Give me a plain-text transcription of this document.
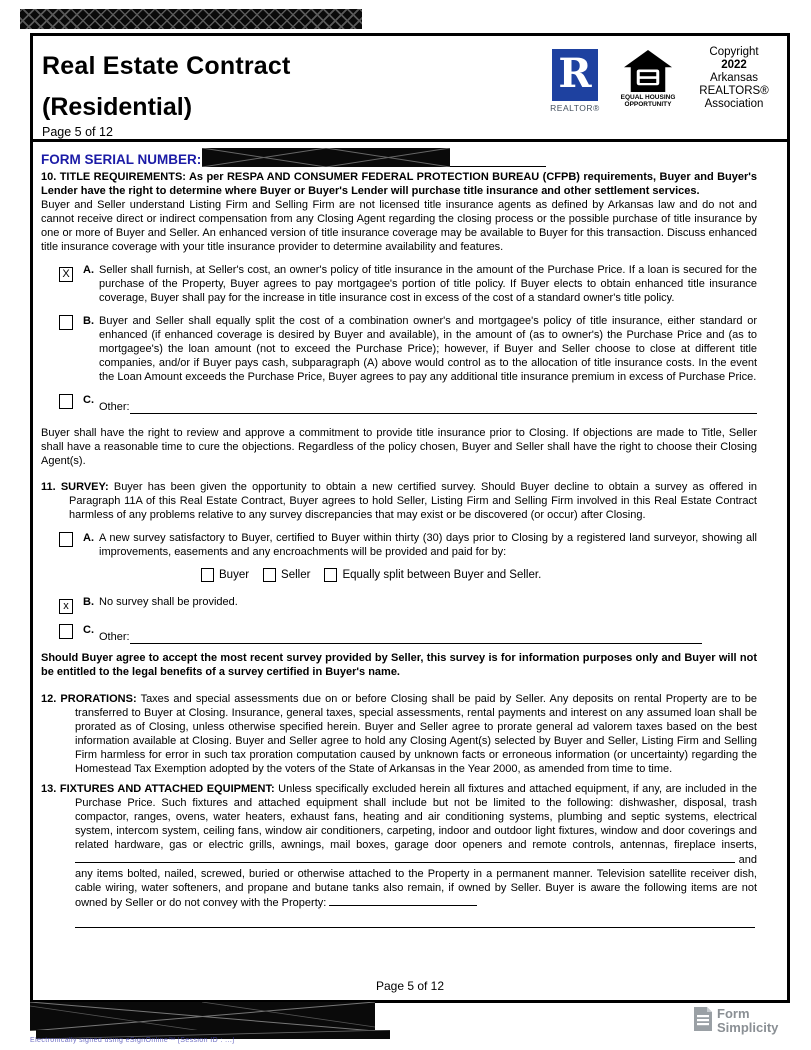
Real Estate Contract
(Residential)
Page 5 of 12
R
REALTOR®
EQUAL HOUSING
OPPORTUNITY
Copyright
2022
Arkansas
REALTORS®
Association
FORM SERIAL NUMBER:

10. TITLE REQUIREMENTS: As per RESPA AND CONSUMER FEDERAL PROTECTION BUREAU (CFPB) requirements, Buyer and Buyer's Lender have the right to determine where Buyer or Buyer's Lender will purchase title insurance and other settlement services.

Buyer and Seller understand Listing Firm and Selling Firm are not licensed title insurance agents as defined by Arkansas law and do not and cannot receive direct or indirect compensation from any Closing Agent regarding the closing process or the possible purchase of title insurance by one or more of Buyer and Seller. An enhanced version of title insurance coverage may be available to Buyer for this transaction. Discuss enhanced title insurance coverage with your title insurance provider to determine availability and features.

X	A. Seller shall furnish, at Seller's cost, an owner's policy of title insurance in the amount of the Purchase Price. If a loan is secured for the purchase of the Property, Buyer agrees to pay mortgagee's portion of title policy. If Buyer elects to obtain enhanced title insurance coverage, Buyer shall pay for the increase in title insurance cost in excess of the cost of a standard owner's title policy.
B. Buyer and Seller shall equally split the cost of a combination owner's and mortgagee's policy of title insurance, either standard or enhanced (if enhanced coverage is desired by Buyer and available), in the amount of (as to owner's) the Purchase Price and (as to mortgagee's) the loan amount (not to exceed the Purchase Price); however, if Buyer and Seller choose to close at different title companies, and/or if Buyer pays cash, subparagraph (A) above would control as to the allocation of title insurance costs. In the event the Loan Amount exceeds the Purchase Price, Buyer agrees to pay any additional title insurance premium in excess of Purchase Price.
C.
Other:

Buyer shall have the right to review and approve a commitment to provide title insurance prior to Closing. If objections are made to Title, Seller shall have a reasonable time to cure the objections. Regardless of the policy chosen, Buyer and Seller shall have the right to choose their Closing Agent(s).

11. SURVEY: Buyer has been given the opportunity to obtain a new certified survey. Should Buyer decline to obtain a survey as offered in Paragraph 11A of this Real Estate Contract, Buyer agrees to hold Seller, Listing Firm and Selling Firm involved in this Real Estate Contract harmless of any problems relative to any survey discrepancies that may exist or be discovered (or occur) after Closing.

A. A new survey satisfactory to Buyer, certified to Buyer within thirty (30) days prior to Closing by a registered land surveyor, showing all improvements, easements and any encroachments will be provided and paid for by:
Buyer	Seller	Equally split between Buyer and Seller.
x	B. No survey shall be provided.
C.
Other:

Should Buyer agree to accept the most recent survey provided by Seller, this survey is for information purposes only and Buyer will not be entitled to the legal benefits of a survey certified in Buyer's name.

12. PRORATIONS: Taxes and special assessments due on or before Closing shall be paid by Seller. Any deposits on rental Property are to be transferred to Buyer at Closing. Insurance, general taxes, special assessments, rental payments and interest on any assumed loan shall be prorated as of Closing, unless otherwise specified herein. Buyer and Seller agree to prorate general ad valorem taxes based on the best information available at Closing. Buyer and Seller agree to hold any Closing Agent(s) selected by Buyer and Seller, Listing Firm and Selling Firm harmless for error in such tax proration computation caused by unknown facts or erroneous information (or uncertainty) regarding the Homestead Tax Exemption adopted by the voters of the State of Arkansas in the Year 2000, as amended from time to time.

13. FIXTURES AND ATTACHED EQUIPMENT: Unless specifically excluded herein all fixtures and attached equipment, if any, are included in the Purchase Price. Such fixtures and attached equipment shall include but not be limited to the following: dishwasher, disposal, trash compactor, ranges, ovens, water heaters, exhaust fans, heating and air conditioning systems, plumbing and septic systems, electrical system, intercom system, ceiling fans, window air conditioners, carpeting, indoor and outdoor light fixtures, window and door coverings and related hardware, gas or electric grills, awnings, mail boxes, garage door openers and remote controls, antennas, fireplace inserts,  and any items bolted, nailed, screwed, buried or otherwise attached to the Property in a permanent manner. Television satellite receiver dish, cable wiring, water softeners, and propane and butane tanks also remain, if owned by Seller. Buyer is aware the following items are not owned by Seller or do not convey with the Property:

Page 5 of 12
Form
Simplicity
Electronically signed using eSignOnline™ [Session ID : ...]
